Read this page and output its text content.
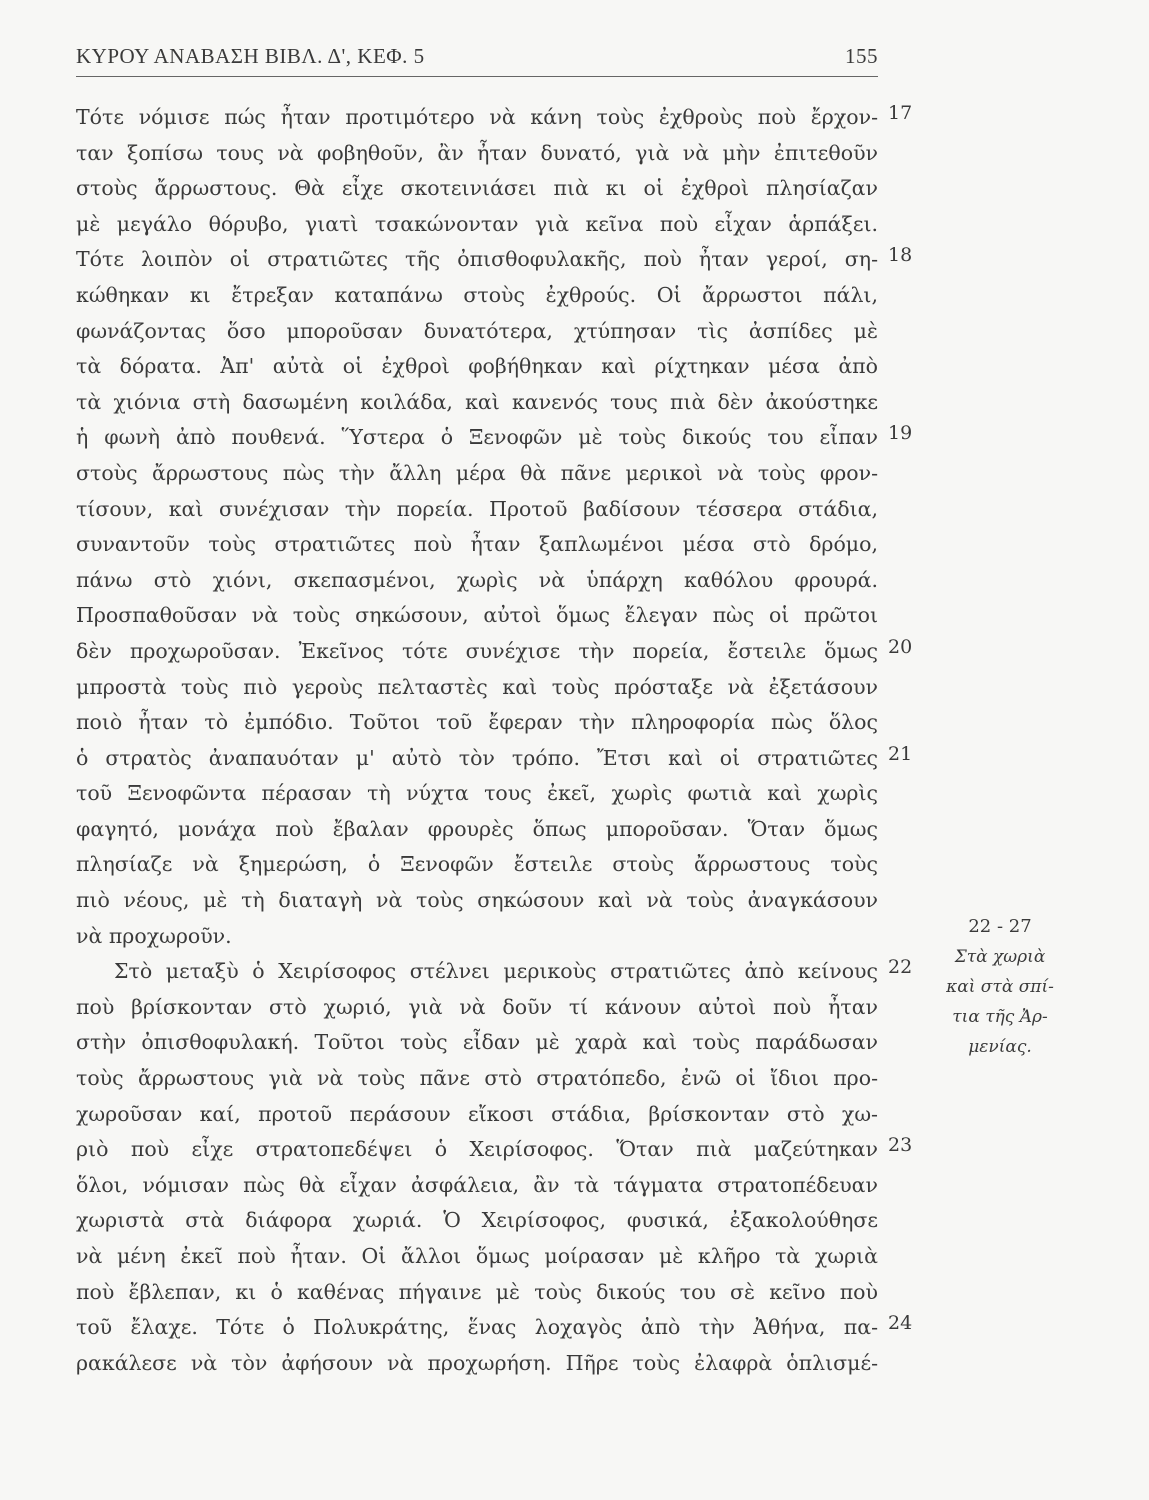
ΚΥΡΟΥ ΑΝΑΒΑΣΗ ΒΙΒΛ. Δ', ΚΕΦ. 5	155
Τότε νόμισε πώς ἦταν προτιμότερο νὰ κάνη τοὺς ἐχθροὺς ποὺ ἔρχον-
ταν ξοπίσω τους νὰ φοβηθοῦν, ἂν ἦταν δυνατό, γιὰ νὰ μὴν ἐπιτεθοῦν
στοὺς ἄρρωστους. Θὰ εἶχε σκοτεινιάσει πιὰ κι οἱ ἐχθροὶ πλησίαζαν
μὲ μεγάλο θόρυβο, γιατὶ τσακώνονταν γιὰ κεῖνα ποὺ εἶχαν ἁρπάξει.
Τότε λοιπὸν οἱ στρατιῶτες τῆς ὀπισθοφυλακῆς, ποὺ ἦταν γεροί, ση-
κώθηκαν κι ἔτρεξαν καταπάνω στοὺς ἐχθρούς. Οἱ ἄρρωστοι πάλι,
φωνάζοντας ὅσο μποροῦσαν δυνατότερα, χτύπησαν τὶς ἀσπίδες μὲ
τὰ δόρατα. Ἀπ' αὐτὰ οἱ ἐχθροὶ φοβήθηκαν καὶ ρίχτηκαν μέσα ἀπὸ
τὰ χιόνια στὴ δασωμένη κοιλάδα, καὶ κανενός τους πιὰ δὲν ἀκούστηκε
ἡ φωνὴ ἀπὸ πουθενά. Ὕστερα ὁ Ξενοφῶν μὲ τοὺς δικούς του εἶπαν
στοὺς ἄρρωστους πὼς τὴν ἄλλη μέρα θὰ πᾶνε μερικοὶ νὰ τοὺς φρον-
τίσουν, καὶ συνέχισαν τὴν πορεία. Προτοῦ βαδίσουν τέσσερα στάδια,
συναντοῦν τοὺς στρατιῶτες ποὺ ἦταν ξαπλωμένοι μέσα στὸ δρόμο,
πάνω στὸ χιόνι, σκεπασμένοι, χωρὶς νὰ ὑπάρχη καθόλου φρουρά.
Προσπαθοῦσαν νὰ τοὺς σηκώσουν, αὐτοὶ ὅμως ἔλεγαν πὼς οἱ πρῶτοι
δὲν προχωροῦσαν. Ἐκεῖνος τότε συνέχισε τὴν πορεία, ἔστειλε ὅμως
μπροστὰ τοὺς πιὸ γεροὺς πελταστὲς καὶ τοὺς πρόσταξε νὰ ἐξετάσουν
ποιὸ ἦταν τὸ ἐμπόδιο. Τοῦτοι τοῦ ἔφεραν τὴν πληροφορία πὼς ὅλος
ὁ στρατὸς ἀναπαυόταν μ' αὐτὸ τὸν τρόπο. Ἔτσι καὶ οἱ στρατιῶτες
τοῦ Ξενοφῶντα πέρασαν τὴ νύχτα τους ἐκεῖ, χωρὶς φωτιὰ καὶ χωρὶς
φαγητό, μονάχα ποὺ ἔβαλαν φρουρὲς ὅπως μποροῦσαν. Ὅταν ὅμως
πλησίαζε νὰ ξημερώση, ὁ Ξενοφῶν ἔστειλε στοὺς ἄρρωστους τοὺς
πιὸ νέους, μὲ τὴ διαταγὴ νὰ τοὺς σηκώσουν καὶ νὰ τοὺς ἀναγκάσουν
νὰ προχωροῦν.
Στὸ μεταξὺ ὁ Χειρίσοφος στέλνει μερικοὺς στρατιῶτες ἀπὸ κείνους
ποὺ βρίσκονταν στὸ χωριό, γιὰ νὰ δοῦν τί κάνουν αὐτοὶ ποὺ ἦταν
στὴν ὀπισθοφυλακή. Τοῦτοι τοὺς εἶδαν μὲ χαρὰ καὶ τοὺς παράδωσαν
τοὺς ἄρρωστους γιὰ νὰ τοὺς πᾶνε στὸ στρατόπεδο, ἐνῶ οἱ ἴδιοι προ-
χωροῦσαν καί, προτοῦ περάσουν εἴκοσι στάδια, βρίσκονταν στὸ χω-
ριὸ ποὺ εἶχε στρατοπεδέψει ὁ Χειρίσοφος. Ὅταν πιὰ μαζεύτηκαν
ὅλοι, νόμισαν πὼς θὰ εἶχαν ἀσφάλεια, ἂν τὰ τάγματα στρατοπέδευαν
χωριστὰ στὰ διάφορα χωριά. Ὁ Χειρίσοφος, φυσικά, ἐξακολούθησε
νὰ μένη ἐκεῖ ποὺ ἦταν. Οἱ ἄλλοι ὅμως μοίρασαν μὲ κλῆρο τὰ χωριὰ
ποὺ ἔβλεπαν, κι ὁ καθένας πήγαινε μὲ τοὺς δικούς του σὲ κεῖνο ποὺ
τοῦ ἔλαχε. Τότε ὁ Πολυκράτης, ἕνας λοχαγὸς ἀπὸ τὴν Ἀθήνα, πα-
ρακάλεσε νὰ τὸν ἀφήσουν νὰ προχωρήση. Πῆρε τοὺς ἐλαφρὰ ὁπλισμέ-
17
18
19
20
21
22
23
24
22 - 27
Στὰ χωριὰ
καὶ στὰ σπί-
τια τῆς Ἀρ-
μενίας.
